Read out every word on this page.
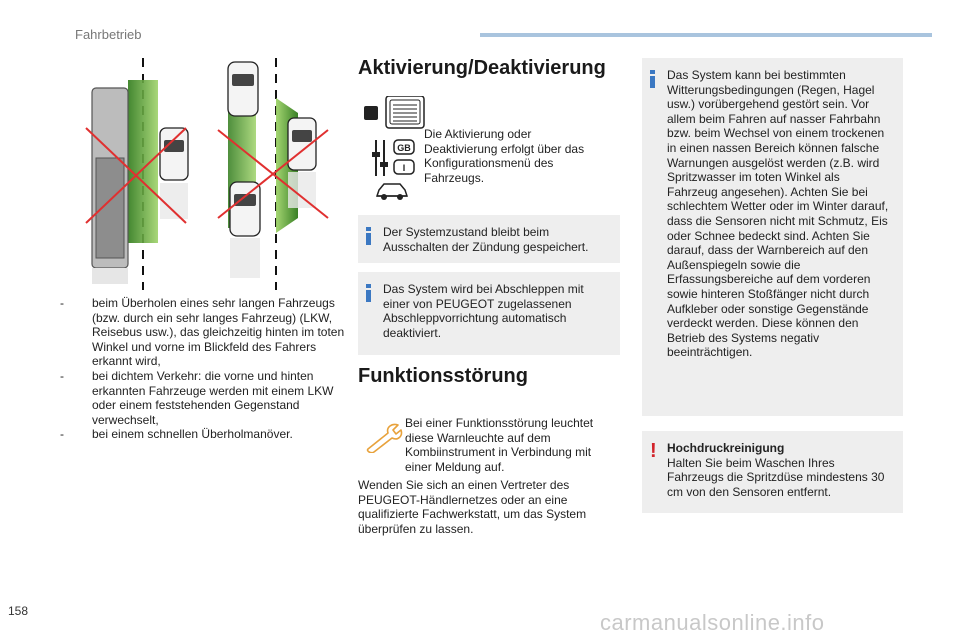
Fahrbetrieb
- beim Überholen eines sehr langen Fahrzeugs (bzw. durch ein sehr langes Fahrzeug) (LKW, Reisebus usw.), das gleichzeitig hinten im toten Winkel und vorne im Blickfeld des Fahrers erkannt wird,
- bei dichtem Verkehr: die vorne und hinten erkannten Fahrzeuge werden mit einem LKW oder einem feststehenden Gegenstand verwechselt,
- bei einem schnellen Überholmanöver.
Aktivierung/Deaktivierung
GB
I
Die Aktivierung oder Deaktivierung erfolgt über das Konfigurationsmenü des Fahrzeugs.
Der Systemzustand bleibt beim Ausschalten der Zündung gespeichert.
Das System wird bei Abschleppen mit einer von PEUGEOT zugelassenen Abschleppvorrichtung automatisch deaktiviert.
Funktionsstörung
Bei einer Funktionsstörung leuchtet diese Warnleuchte auf dem Kombiinstrument in Verbindung mit einer Meldung auf.
Wenden Sie sich an einen Vertreter des PEUGEOT-Händlernetzes oder an eine qualifizierte Fachwerkstatt, um das System überprüfen zu lassen.
Das System kann bei bestimmten Witterungsbedingungen (Regen, Hagel usw.) vorübergehend gestört sein. Vor allem beim Fahren auf nasser Fahrbahn bzw. beim Wechsel von einem trockenen in einen nassen Bereich können falsche Warnungen ausgelöst werden (z.B. wird Spritzwasser im toten Winkel als Fahrzeug angesehen). Achten Sie bei schlechtem Wetter oder im Winter darauf, dass die Sensoren nicht mit Schmutz, Eis oder Schnee bedeckt sind. Achten Sie darauf, dass der Warnbereich auf den Außenspiegeln sowie die Erfassungsbereiche auf dem vorderen sowie hinteren Stoßfänger nicht durch Aufkleber oder sonstige Gegenstände verdeckt werden. Diese können den Betrieb des Systems negativ beeinträchtigen.
! Hochdruckreinigung
Halten Sie beim Waschen Ihres Fahrzeugs die Spritzdüse mindestens 30 cm von den Sensoren entfernt.
158	carmanualsonline.info
